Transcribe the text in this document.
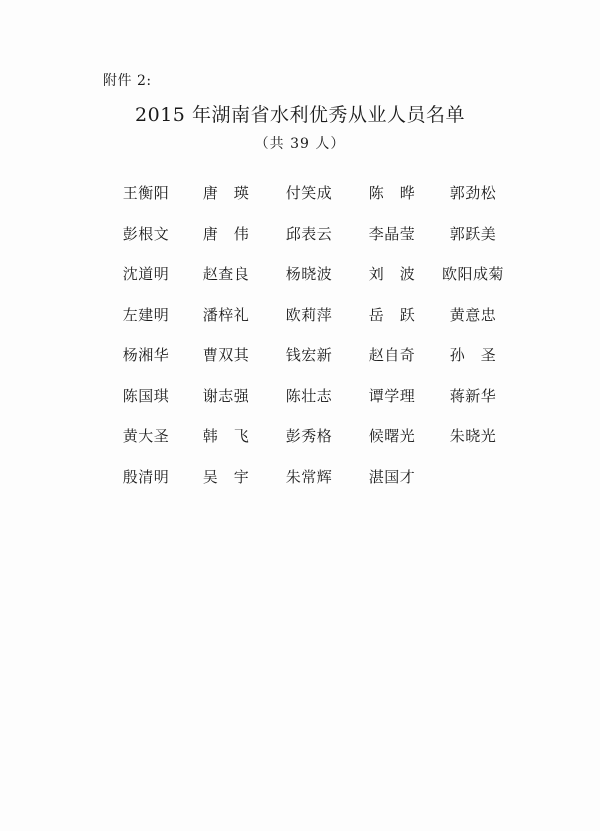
附件 2:
2015 年湖南省水利优秀从业人员名单
（共 39 人）
王衡阳	唐　瑛	付笑成	陈　晔	郭劲松
彭根文	唐　伟	邱表云	李晶莹	郭跃美
沈道明	赵查良	杨晓波	刘　波	欧阳成菊
左建明	潘梓礼	欧莉萍	岳　跃	黄意忠
杨湘华	曹双其	钱宏新	赵自奇	孙　圣
陈国琪	谢志强	陈壮志	谭学理	蒋新华
黄大圣	韩　飞	彭秀格	候曙光	朱晓光
殷清明	吴　宇	朱常辉	湛国才
